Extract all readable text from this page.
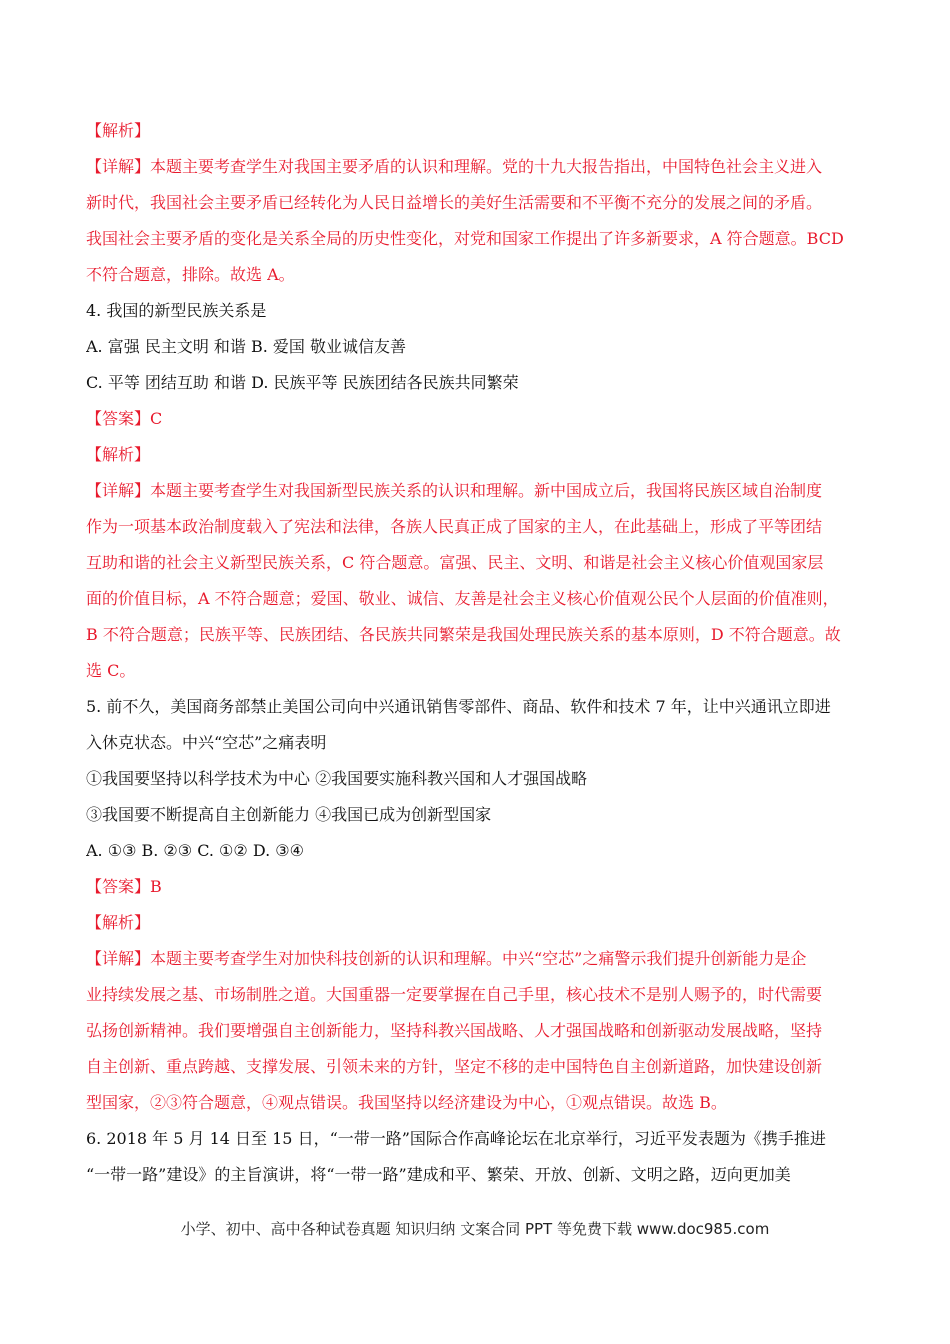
【解析】
【详解】本题主要考查学生对我国主要矛盾的认识和理解。党的十九大报告指出，中国特色社会主义进入
新时代，我国社会主要矛盾已经转化为人民日益增长的美好生活需要和不平衡不充分的发展之间的矛盾。
我国社会主要矛盾的变化是关系全局的历史性变化，对党和国家工作提出了许多新要求，A 符合题意。BCD
不符合题意，排除。故选 A。
4. 我国的新型民族关系是
A. 富强 民主文明 和谐 B. 爱国 敬业诚信友善
C. 平等 团结互助 和谐 D. 民族平等 民族团结各民族共同繁荣
【答案】C
【解析】
【详解】本题主要考查学生对我国新型民族关系的认识和理解。新中国成立后，我国将民族区域自治制度
作为一项基本政治制度载入了宪法和法律，各族人民真正成了国家的主人，在此基础上，形成了平等团结
互助和谐的社会主义新型民族关系，C 符合题意。富强、民主、文明、和谐是社会主义核心价值观国家层
面的价值目标，A 不符合题意；爱国、敬业、诚信、友善是社会主义核心价值观公民个人层面的价值准则，
B 不符合题意；民族平等、民族团结、各民族共同繁荣是我国处理民族关系的基本原则，D 不符合题意。故
选 C。
5. 前不久，美国商务部禁止美国公司向中兴通讯销售零部件、商品、软件和技术 7 年，让中兴通讯立即进
入休克状态。中兴“空芯”之痛表明
①我国要坚持以科学技术为中心 ②我国要实施科教兴国和人才强国战略
③我国要不断提高自主创新能力 ④我国已成为创新型国家
A. ①③ B. ②③ C. ①② D. ③④
【答案】B
【解析】
【详解】本题主要考查学生对加快科技创新的认识和理解。中兴“空芯”之痛警示我们提升创新能力是企
业持续发展之基、市场制胜之道。大国重器一定要掌握在自己手里，核心技术不是别人赐予的，时代需要
弘扬创新精神。我们要增强自主创新能力，坚持科教兴国战略、人才强国战略和创新驱动发展战略，坚持
自主创新、重点跨越、支撑发展、引领未来的方针，坚定不移的走中国特色自主创新道路，加快建设创新
型国家，②③符合题意，④观点错误。我国坚持以经济建设为中心，①观点错误。故选 B。
6. 2018 年 5 月 14 日至 15 日，“一带一路”国际合作高峰论坛在北京举行，习近平发表题为《携手推进
“一带一路”建设》的主旨演讲，将“一带一路”建成和平、繁荣、开放、创新、文明之路，迈向更加美
小学、初中、高中各种试卷真题 知识归纳 文案合同 PPT 等免费下载 www.doc985.com
